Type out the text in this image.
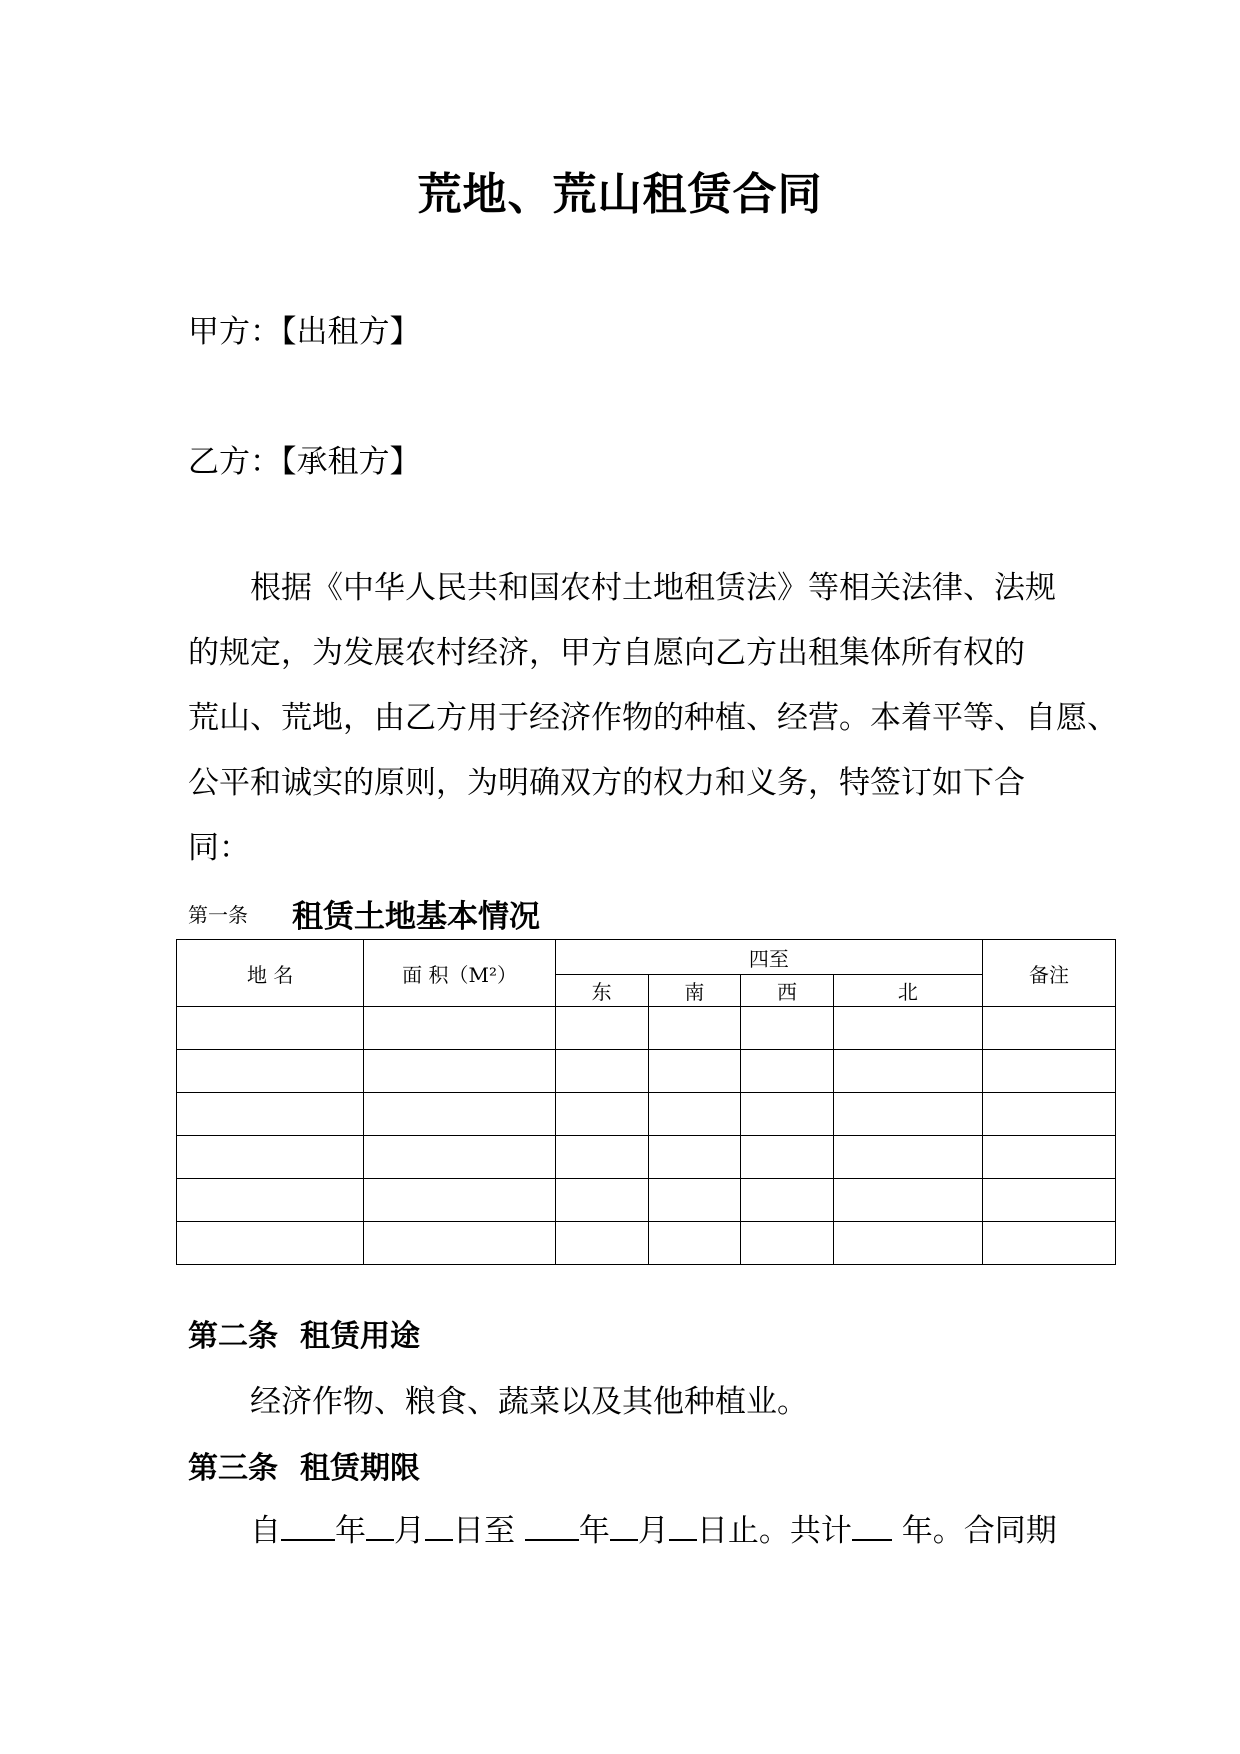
荒地、荒山租赁合同
甲方：【出租方】
乙方：【承租方】
根据《中华人民共和国农村土地租赁法》等相关法律、法规
的规定，为发展农村经济，甲方自愿向乙方出租集体所有权的
荒山、荒地，由乙方用于经济作物的种植、经营。本着平等、自愿、
公平和诚实的原则，为明确双方的权力和义务，特签订如下合
同：
第一条 租赁土地基本情况
地 名	面 积（M²）	四至				备注
		东	南	西	北	

第二条 租赁用途
经济作物、粮食、蔬菜以及其他种植业。
第三条 租赁期限
自 年 月 日至 年 月 日止。共计 年。合同期
